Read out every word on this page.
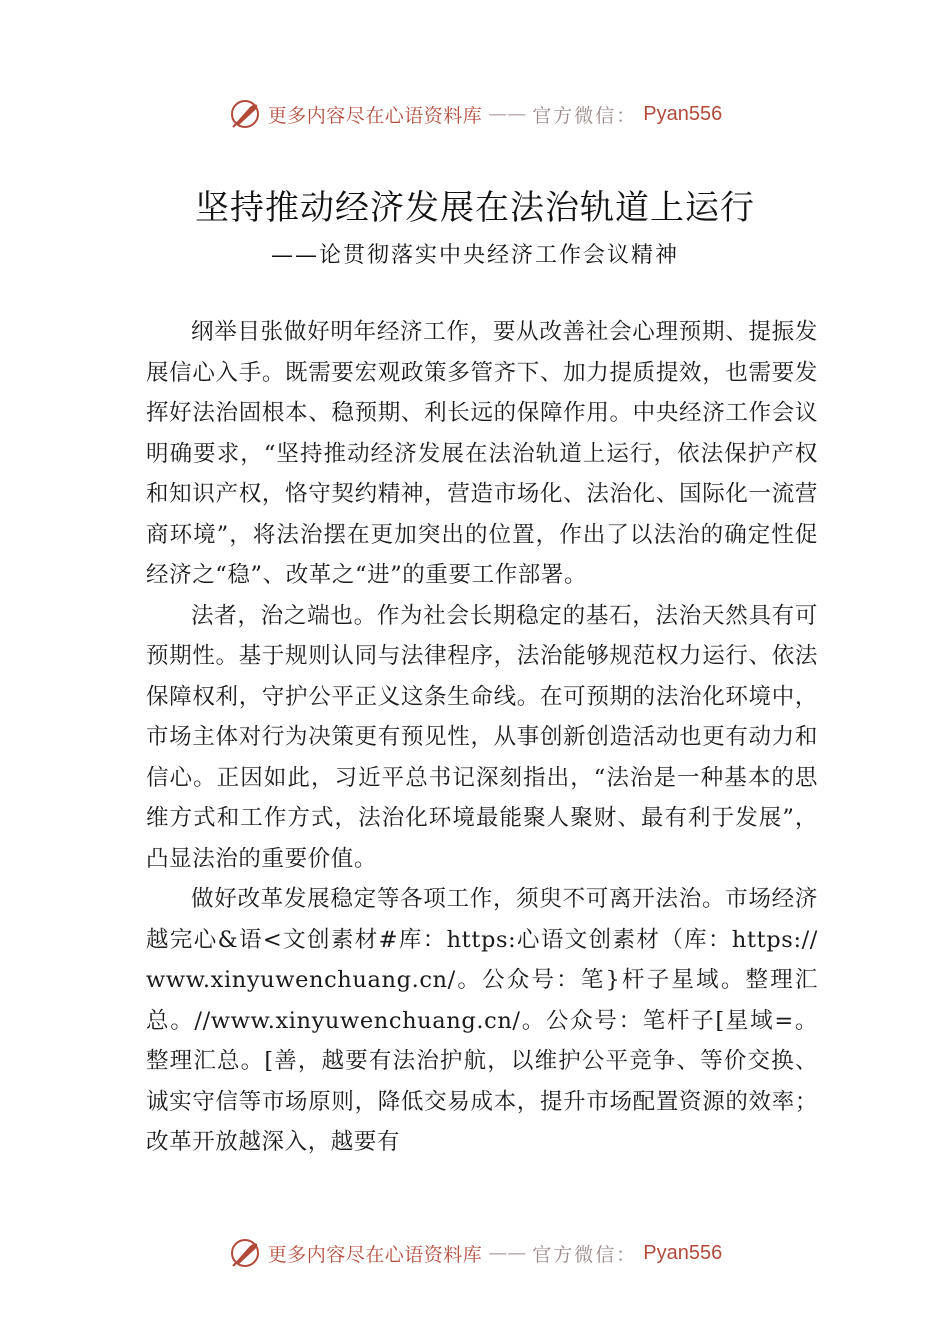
更多内容尽在心语资料库 —— 官方微信： Pyan556
坚持推动经济发展在法治轨道上运行
——论贯彻落实中央经济工作会议精神

纲举目张做好明年经济工作，要从改善社会心理预期、提振发展信心入手。既需要宏观政策多管齐下、加力提质提效，也需要发挥好法治固根本、稳预期、利长远的保障作用。中央经济工作会议明确要求，“坚持推动经济发展在法治轨道上运行，依法保护产权和知识产权，恪守契约精神，营造市场化、法治化、国际化一流营商环境”，将法治摆在更加突出的位置，作出了以法治的确定性促经济之“稳”、改革之“进”的重要工作部署。

法者，治之端也。作为社会长期稳定的基石，法治天然具有可预期性。基于规则认同与法律程序，法治能够规范权力运行、依法保障权利，守护公平正义这条生命线。在可预期的法治化环境中，市场主体对行为决策更有预见性，从事创新创造活动也更有动力和信心。正因如此，习近平总书记深刻指出，“法治是一种基本的思维方式和工作方式，法治化环境最能聚人聚财、最有利于发展”，凸显法治的重要价值。

做好改革发展稳定等各项工作，须臾不可离开法治。市场经济越完心&语<文创素材#库：https:心语文创素材（库：https://www.xinyuwenchuang.cn/。公众号：笔}杆子星域。整理汇总。//www.xinyuwenchuang.cn/。公众号：笔杆子[星域=。整理汇总。[善，越要有法治护航，以维护公平竞争、等价交换、诚实守信等市场原则，降低交易成本，提升市场配置资源的效率；改革开放越深入，越要有

更多内容尽在心语资料库 —— 官方微信： Pyan556
